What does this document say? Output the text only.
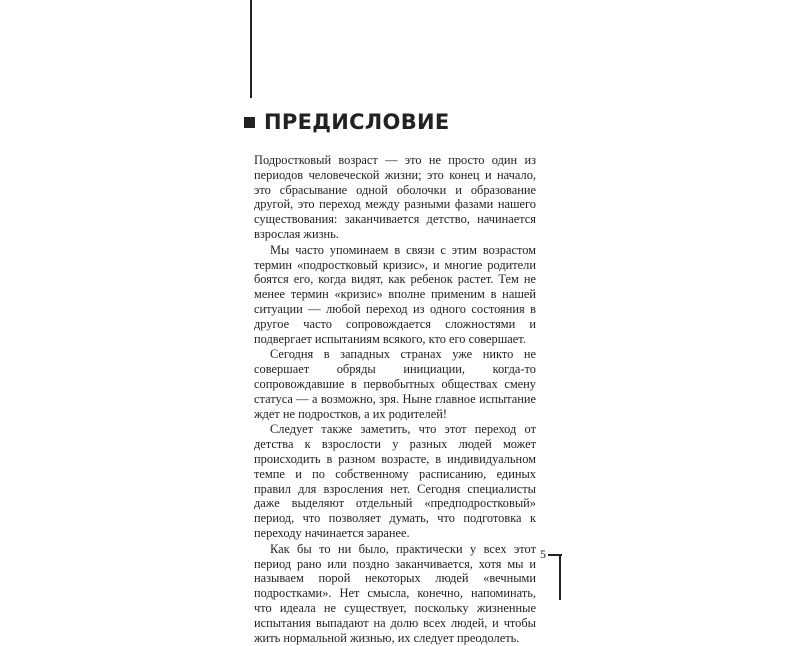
ПРЕДИСЛОВИЕ

Подростковый возраст — это не просто один из периодов человеческой жизни; это конец и начало, это сбрасывание одной оболочки и образование другой, это переход между разными фазами нашего существования: заканчивается детство, начинается взрослая жизнь.

Мы часто упоминаем в связи с этим возрастом термин «подростковый кризис», и многие родители боятся его, когда видят, как ребенок растет. Тем не менее термин «кризис» вполне применим в нашей ситуации — любой переход из одного состояния в другое часто сопровождается сложностями и подвергает испытаниям всякого, кто его совершает.

Сегодня в западных странах уже никто не совершает обряды инициации, когда-то сопровождавшие в первобытных обществах смену статуса — а возможно, зря. Ныне главное испытание ждет не подростков, а их родителей!

Следует также заметить, что этот переход от детства к взрослости у разных людей может происходить в разном возрасте, в индивидуальном темпе и по собственному расписанию, единых правил для взросления нет. Сегодня специалисты даже выделяют отдельный «предподростковый» период, что позволяет думать, что подготовка к переходу начинается заранее.

Как бы то ни было, практически у всех этот период рано или поздно заканчивается, хотя мы и называем порой некоторых людей «вечными подростками». Нет смысла, конечно, напоминать, что идеала не существует, поскольку жизненные испытания выпадают на долю всех людей, и чтобы жить нормальной жизнью, их следует преодолеть.

5
